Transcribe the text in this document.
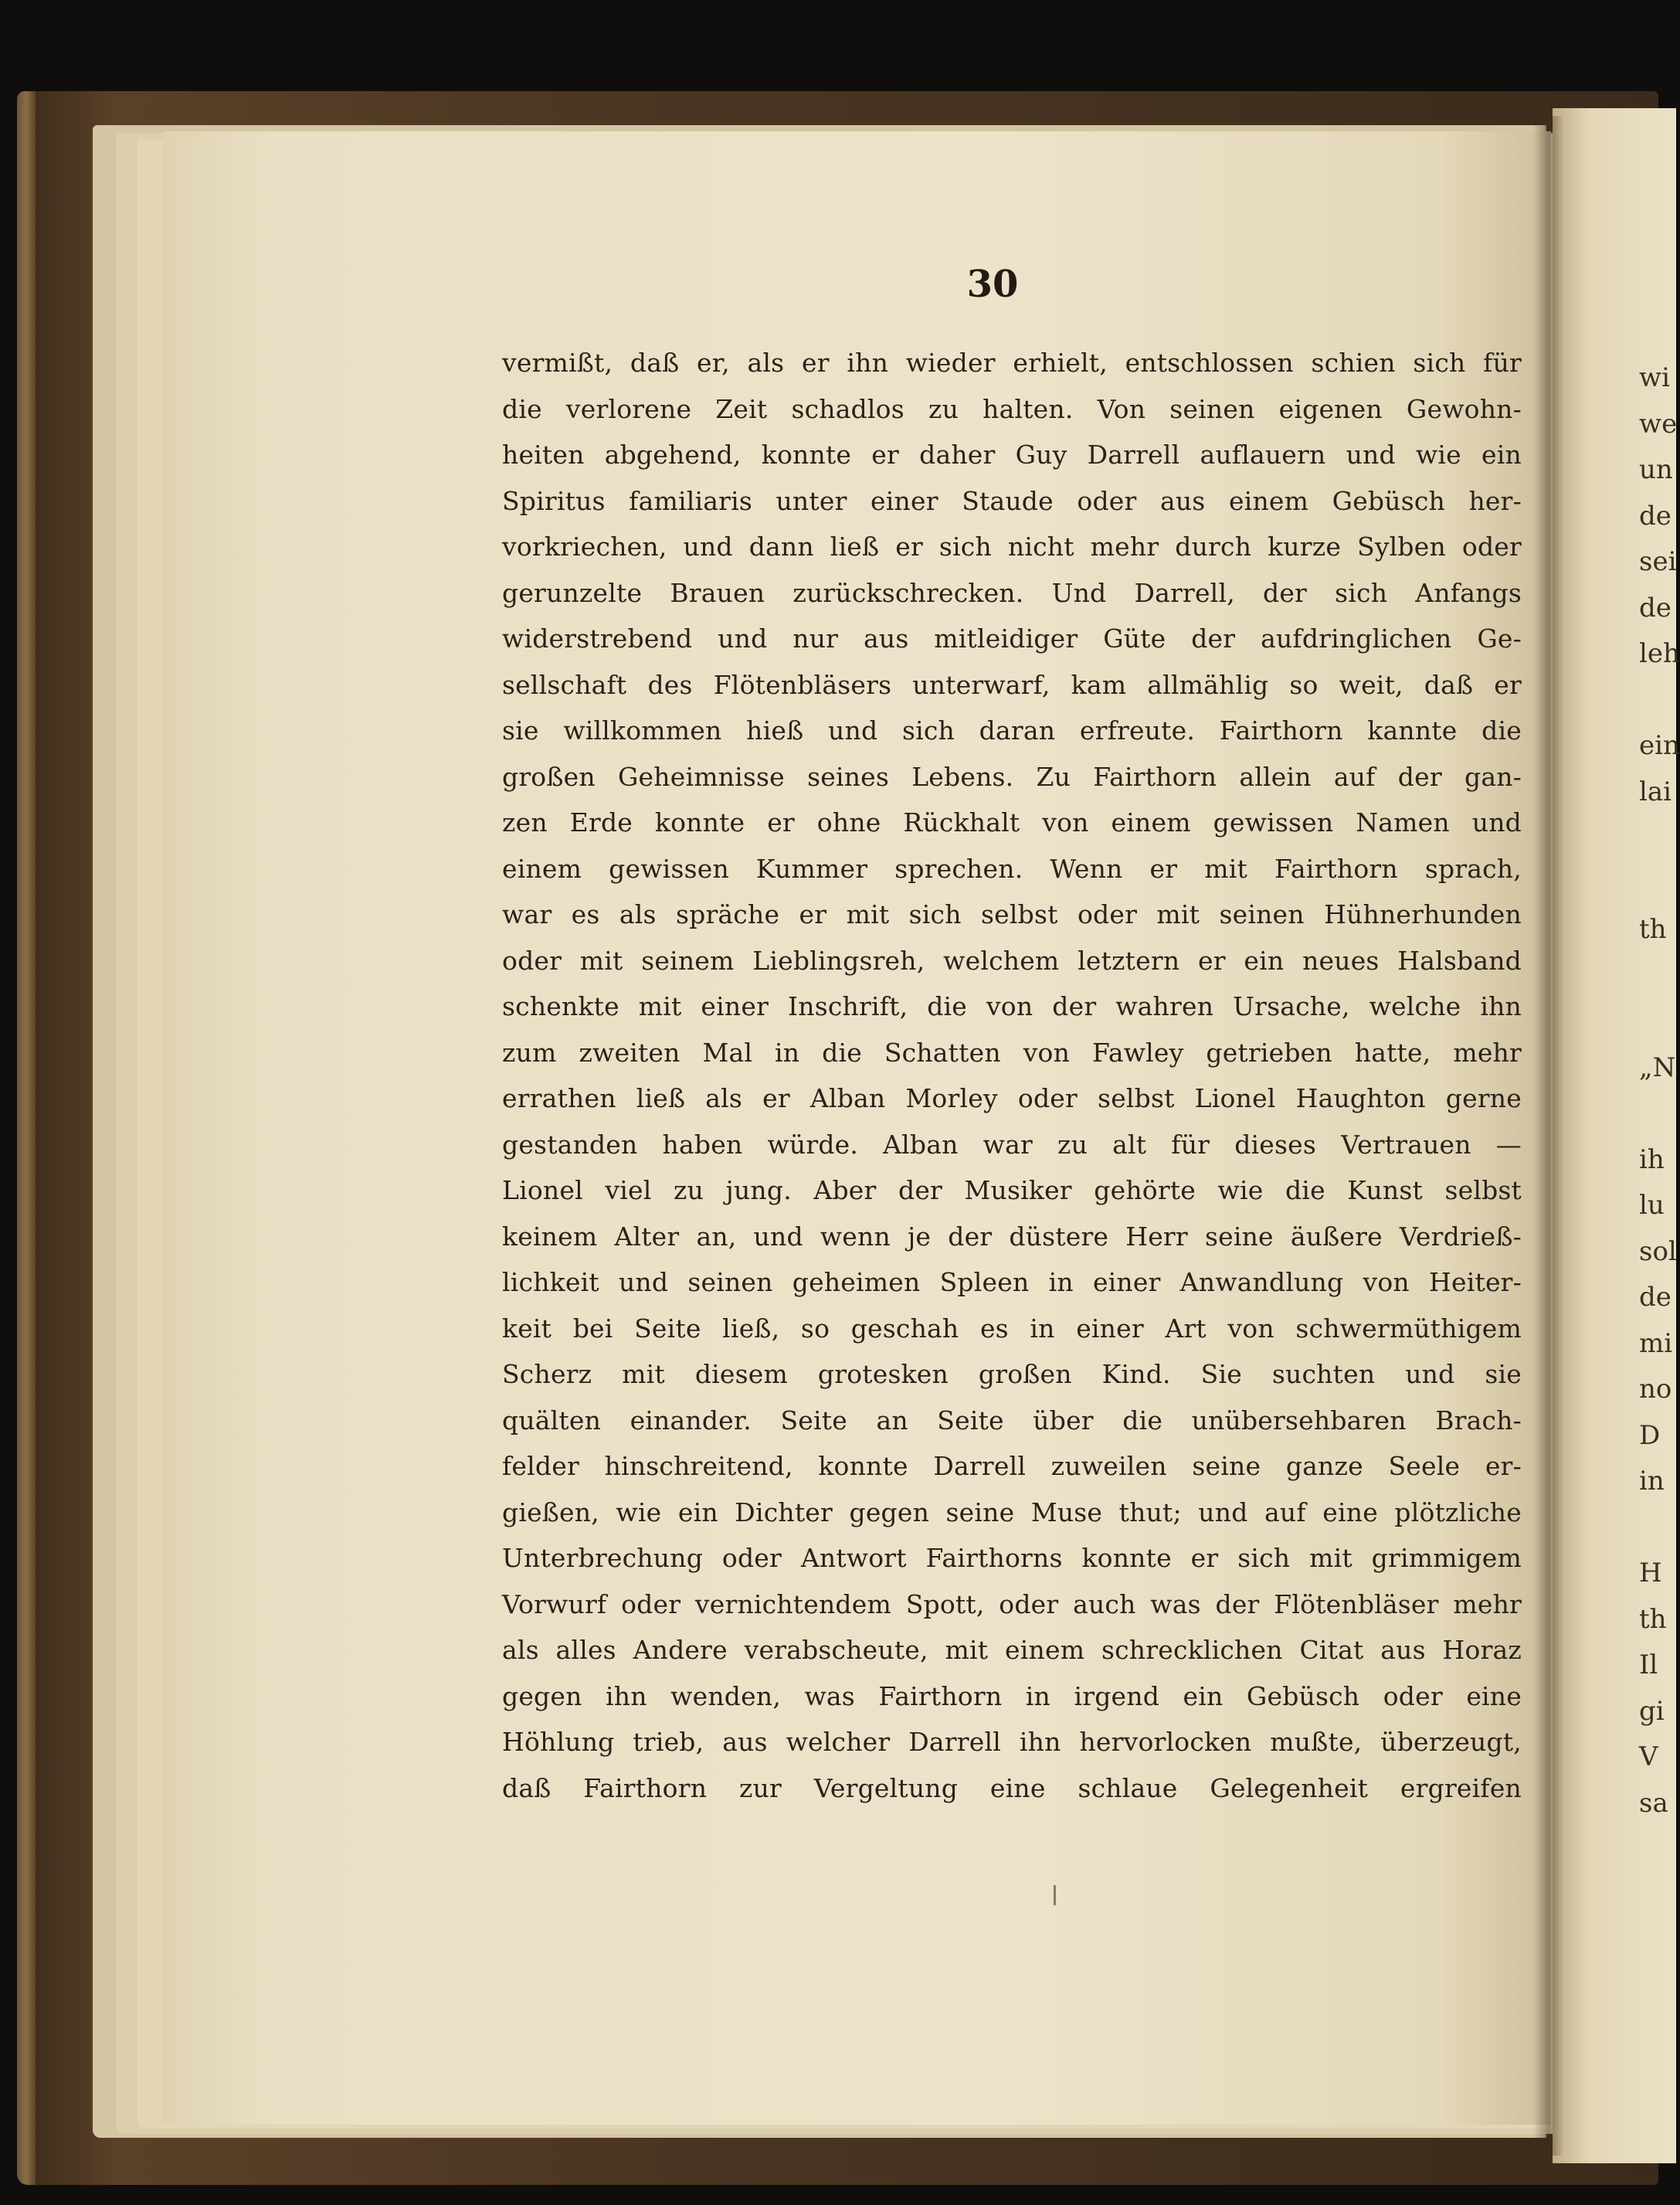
30
vermißt, daß er, als er ihn wieder erhielt, entschlossen schien sich für
die verlorene Zeit schadlos zu halten. Von seinen eigenen Gewohn-
heiten abgehend, konnte er daher Guy Darrell auflauern und wie ein
Spiritus familiaris unter einer Staude oder aus einem Gebüsch her-
vorkriechen, und dann ließ er sich nicht mehr durch kurze Sylben oder
gerunzelte Brauen zurückschrecken. Und Darrell, der sich Anfangs
widerstrebend und nur aus mitleidiger Güte der aufdringlichen Ge-
sellschaft des Flötenbläsers unterwarf, kam allmählig so weit, daß er
sie willkommen hieß und sich daran erfreute. Fairthorn kannte die
großen Geheimnisse seines Lebens. Zu Fairthorn allein auf der gan-
zen Erde konnte er ohne Rückhalt von einem gewissen Namen und
einem gewissen Kummer sprechen. Wenn er mit Fairthorn sprach,
war es als spräche er mit sich selbst oder mit seinen Hühnerhunden
oder mit seinem Lieblingsreh, welchem letztern er ein neues Halsband
schenkte mit einer Inschrift, die von der wahren Ursache, welche ihn
zum zweiten Mal in die Schatten von Fawley getrieben hatte, mehr
errathen ließ als er Alban Morley oder selbst Lionel Haughton gerne
gestanden haben würde. Alban war zu alt für dieses Vertrauen —
Lionel viel zu jung. Aber der Musiker gehörte wie die Kunst selbst
keinem Alter an, und wenn je der düstere Herr seine äußere Verdrieß-
lichkeit und seinen geheimen Spleen in einer Anwandlung von Heiter-
keit bei Seite ließ, so geschah es in einer Art von schwermüthigem
Scherz mit diesem grotesken großen Kind. Sie suchten und sie
quälten einander. Seite an Seite über die unübersehbaren Brach-
felder hinschreitend, konnte Darrell zuweilen seine ganze Seele er-
gießen, wie ein Dichter gegen seine Muse thut; und auf eine plötzliche
Unterbrechung oder Antwort Fairthorns konnte er sich mit grimmigem
Vorwurf oder vernichtendem Spott, oder auch was der Flötenbläser mehr
als alles Andere verabscheute, mit einem schrecklichen Citat aus Horaz
gegen ihn wenden, was Fairthorn in irgend ein Gebüsch oder eine
Höhlung trieb, aus welcher Darrell ihn hervorlocken mußte, überzeugt,
daß Fairthorn zur Vergeltung eine schlaue Gelegenheit ergreifen
wi
we
un
de
sei
de
leh
ein
lai
th
„N
ih
lu
sol
de
mi
no
D
in
H
th
Il
gi
V
sa
